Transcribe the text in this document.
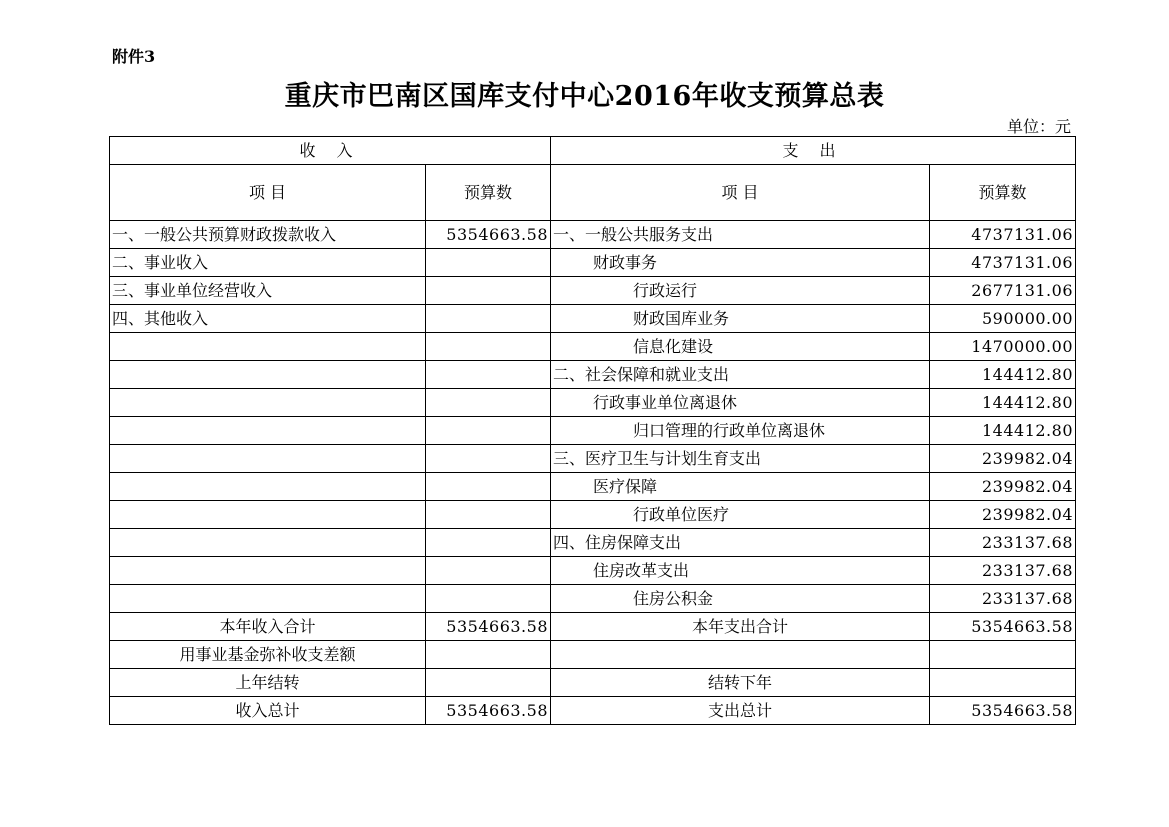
附件3
重庆市巴南区国库支付中心2016年收支预算总表
单位：元
收 入		支 出	
项 目	预算数	项 目	预算数
一、一般公共预算财政拨款收入	5354663.58	一、一般公共服务支出	4737131.06
二、事业收入		财政事务	4737131.06
三、事业单位经营收入		行政运行	2677131.06
四、其他收入		财政国库业务	590000.00
		信息化建设	1470000.00
		二、社会保障和就业支出	144412.80
		行政事业单位离退休	144412.80
		归口管理的行政单位离退休	144412.80
		三、医疗卫生与计划生育支出	239982.04
		医疗保障	239982.04
		行政单位医疗	239982.04
		四、住房保障支出	233137.68
		住房改革支出	233137.68
		住房公积金	233137.68
本年收入合计	5354663.58	本年支出合计	5354663.58
用事业基金弥补收支差额			
上年结转		结转下年	
收入总计	5354663.58	支出总计	5354663.58
